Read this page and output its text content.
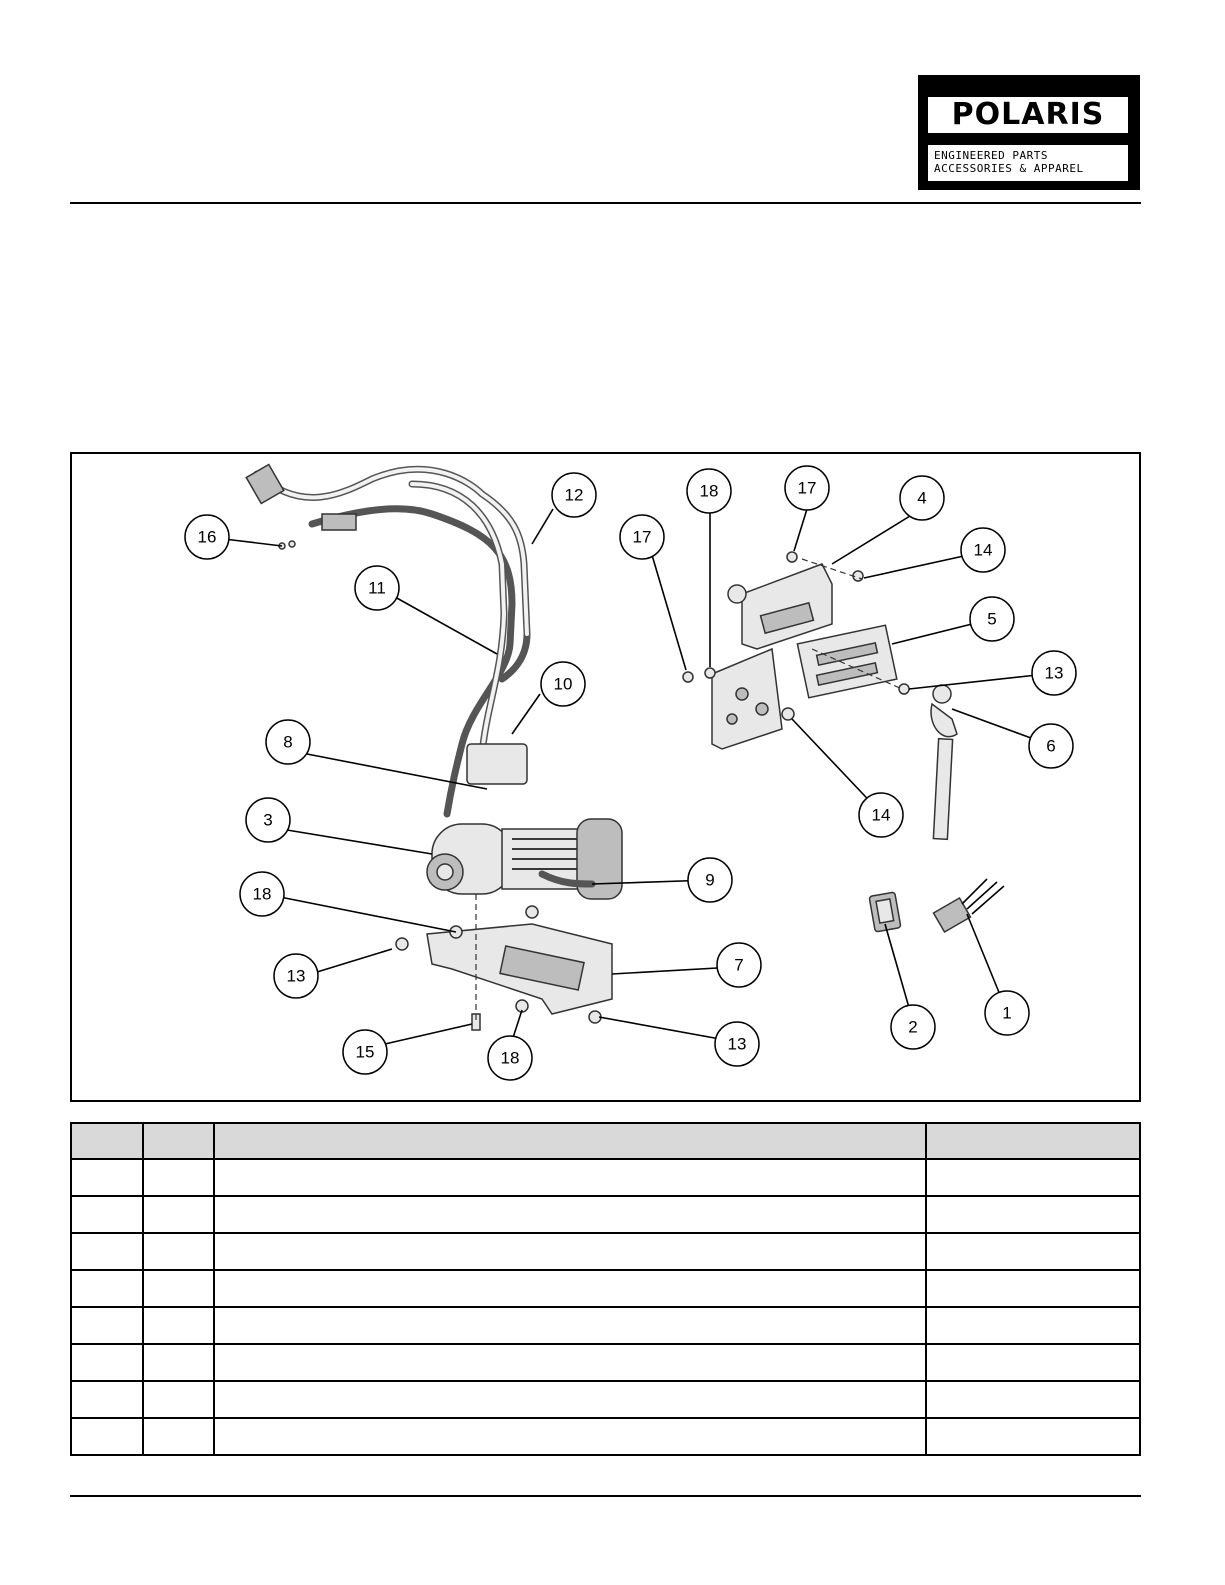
POLARIS
ENGINEERED PARTS
ACCESSORIES & APPAREL
16
12
11
10
8
3
18
13
15	18
13
9
7
17
18	17
4
14
5
13
6
14
2
1
